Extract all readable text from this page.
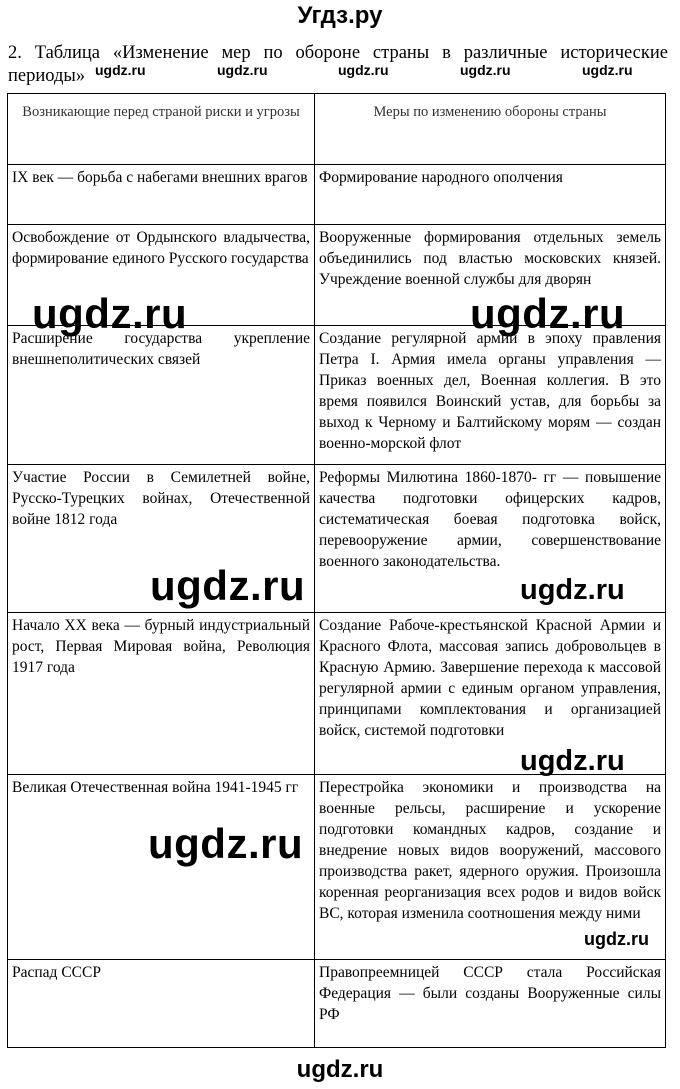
Угдз.ру
2. Таблица «Изменение мер по обороне страны в различные исторические периоды» ugdz.ru	ugdz.ru	ugdz.ru	ugdz.ru	ugdz.ru
Возникающие перед страной риски и угрозы	Меры по изменению обороны страны
IX век — борьба с набегами внешних врагов	Формирование народного ополчения
Освобождение от Ордынского владычества, формирование единого Русского государства	Вооруженные формирования отдельных земель объединились под властью московских князей. Учреждение военной службы для дворян
Расширение государства укрепление внешнеполитических связей	Создание регулярной армии в эпоху правления Петра I. Армия имела органы управления — Приказ военных дел, Военная коллегия. В это время появился Воинский устав, для борьбы за выход к Черному и Балтийскому морям — создан военно-морской флот
Участие России в Семилетней войне, Русско-Турецких войнах, Отечественной войне 1812 года	Реформы Милютина 1860-1870- гг — повышение качества подготовки офицерских кадров, систематическая боевая подготовка войск, перевооружение армии, совершенствование военного законодательства.
Начало XX века — бурный индустриальный рост, Первая Мировая война, Революция 1917 года	Создание Рабоче-крестьянской Красной Армии и Красного Флота, массовая запись добровольцев в Красную Армию. Завершение перехода к массовой регулярной армии с единым органом управления, принципами комплектования и организацией войск, системой подготовки
Великая Отечественная война 1941-1945 гг	Перестройка экономики и производства на военные рельсы, расширение и ускорение подготовки командных кадров, создание и внедрение новых видов вооружений, массового производства ракет, ядерного оружия. Произошла коренная реорганизация всех родов и видов войск ВС, которая изменила соотношения между ними
Распад СССР	Правопреемницей СССР стала Российская Федерация — были созданы Вооруженные силы РФ
ugdz.ru	ugdz.ru
ugdz.ru	ugdz.ru
ugdz.ru
ugdz.ru
ugdz.ru
ugdz.ru
